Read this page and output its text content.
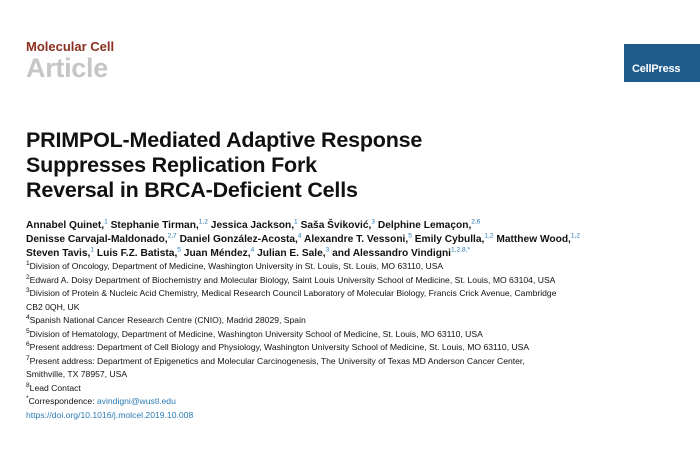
Molecular Cell
Article	CellPress
PRIMPOL-Mediated Adaptive Response
Suppresses Replication Fork
Reversal in BRCA-Deficient Cells
Annabel Quinet,$^1$ Stephanie Tirman,$^{1,2}$ Jessica Jackson,$^1$ Saša Šviković,$^3$ Delphine Lemaçon,$^{2,6}$
Denisse Carvajal-Maldonado,$^{2,7}$ Daniel González-Acosta,$^4$ Alexandre T. Vessoni,$^5$ Emily Cybulla,$^{1,2}$ Matthew Wood,$^{1,2}$
Steven Tavis,$^1$ Luis F.Z. Batista,$^5$ Juan Méndez,$^4$ Julian E. Sale,$^3$ and Alessandro Vindigni$^{1,2,8,*}$
$^1$Division of Oncology, Department of Medicine, Washington University in St. Louis, St. Louis, MO 63110, USA
$^2$Edward A. Doisy Department of Biochemistry and Molecular Biology, Saint Louis University School of Medicine, St. Louis, MO 63104, USA
$^3$Division of Protein & Nucleic Acid Chemistry, Medical Research Council Laboratory of Molecular Biology, Francis Crick Avenue, Cambridge
CB2 0QH, UK
$^4$Spanish National Cancer Research Centre (CNIO), Madrid 28029, Spain
$^5$Division of Hematology, Department of Medicine, Washington University School of Medicine, St. Louis, MO 63110, USA
$^6$Present address: Department of Cell Biology and Physiology, Washington University School of Medicine, St. Louis, MO 63110, USA
$^7$Present address: Department of Epigenetics and Molecular Carcinogenesis, The University of Texas MD Anderson Cancer Center,
Smithville, TX 78957, USA
$^8$Lead Contact
*Correspondence: avindigni@wustl.edu
https://doi.org/10.1016/j.molcel.2019.10.008
